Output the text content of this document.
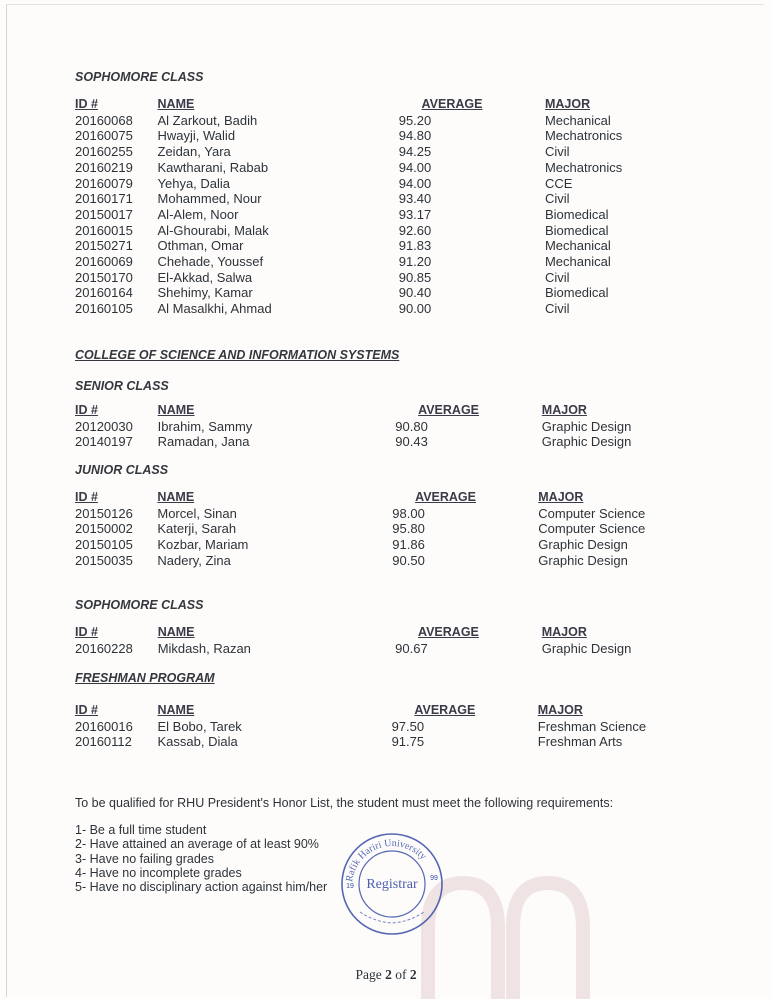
SOPHOMORE CLASS

ID #	NAME	AVERAGE	MAJOR
20160068	Al Zarkout, Badih	95.20	Mechanical
20160075	Hwayji, Walid	94.80	Mechatronics
20160255	Zeidan, Yara	94.25	Civil
20160219	Kawtharani, Rabab	94.00	Mechatronics
20160079	Yehya, Dalia	94.00	CCE
20160171	Mohammed, Nour	93.40	Civil
20150017	Al-Alem, Noor	93.17	Biomedical
20160015	Al-Ghourabi, Malak	92.60	Biomedical
20150271	Othman, Omar	91.83	Mechanical
20160069	Chehade, Youssef	91.20	Mechanical
20150170	El-Akkad, Salwa	90.85	Civil
20160164	Shehimy, Kamar	90.40	Biomedical
20160105	Al Masalkhi, Ahmad	90.00	Civil

COLLEGE OF SCIENCE AND INFORMATION SYSTEMS

SENIOR CLASS

ID #	NAME	AVERAGE	MAJOR
20120030	Ibrahim, Sammy	90.80	Graphic Design
20140197	Ramadan, Jana	90.43	Graphic Design

JUNIOR CLASS

ID #	NAME	AVERAGE	MAJOR
20150126	Morcel, Sinan	98.00	Computer Science
20150002	Katerji, Sarah	95.80	Computer Science
20150105	Kozbar, Mariam	91.86	Graphic Design
20150035	Nadery, Zina	90.50	Graphic Design

SOPHOMORE CLASS

ID #	NAME	AVERAGE	MAJOR
20160228	Mikdash, Razan	90.67	Graphic Design

FRESHMAN PROGRAM

ID #	NAME	AVERAGE	MAJOR
20160016	El Bobo, Tarek	97.50	Freshman Science
20160112	Kassab, Diala	91.75	Freshman Arts

To be qualified for RHU President's Honor List, the student must meet the following requirements:

1- Be a full time student
2- Have attained an average of at least 90%
3- Have no failing grades
4- Have no incomplete grades
5- Have no disciplinary action against him/her
Rafik Hariri University
Registrar
19
99

Page 2 of 2
